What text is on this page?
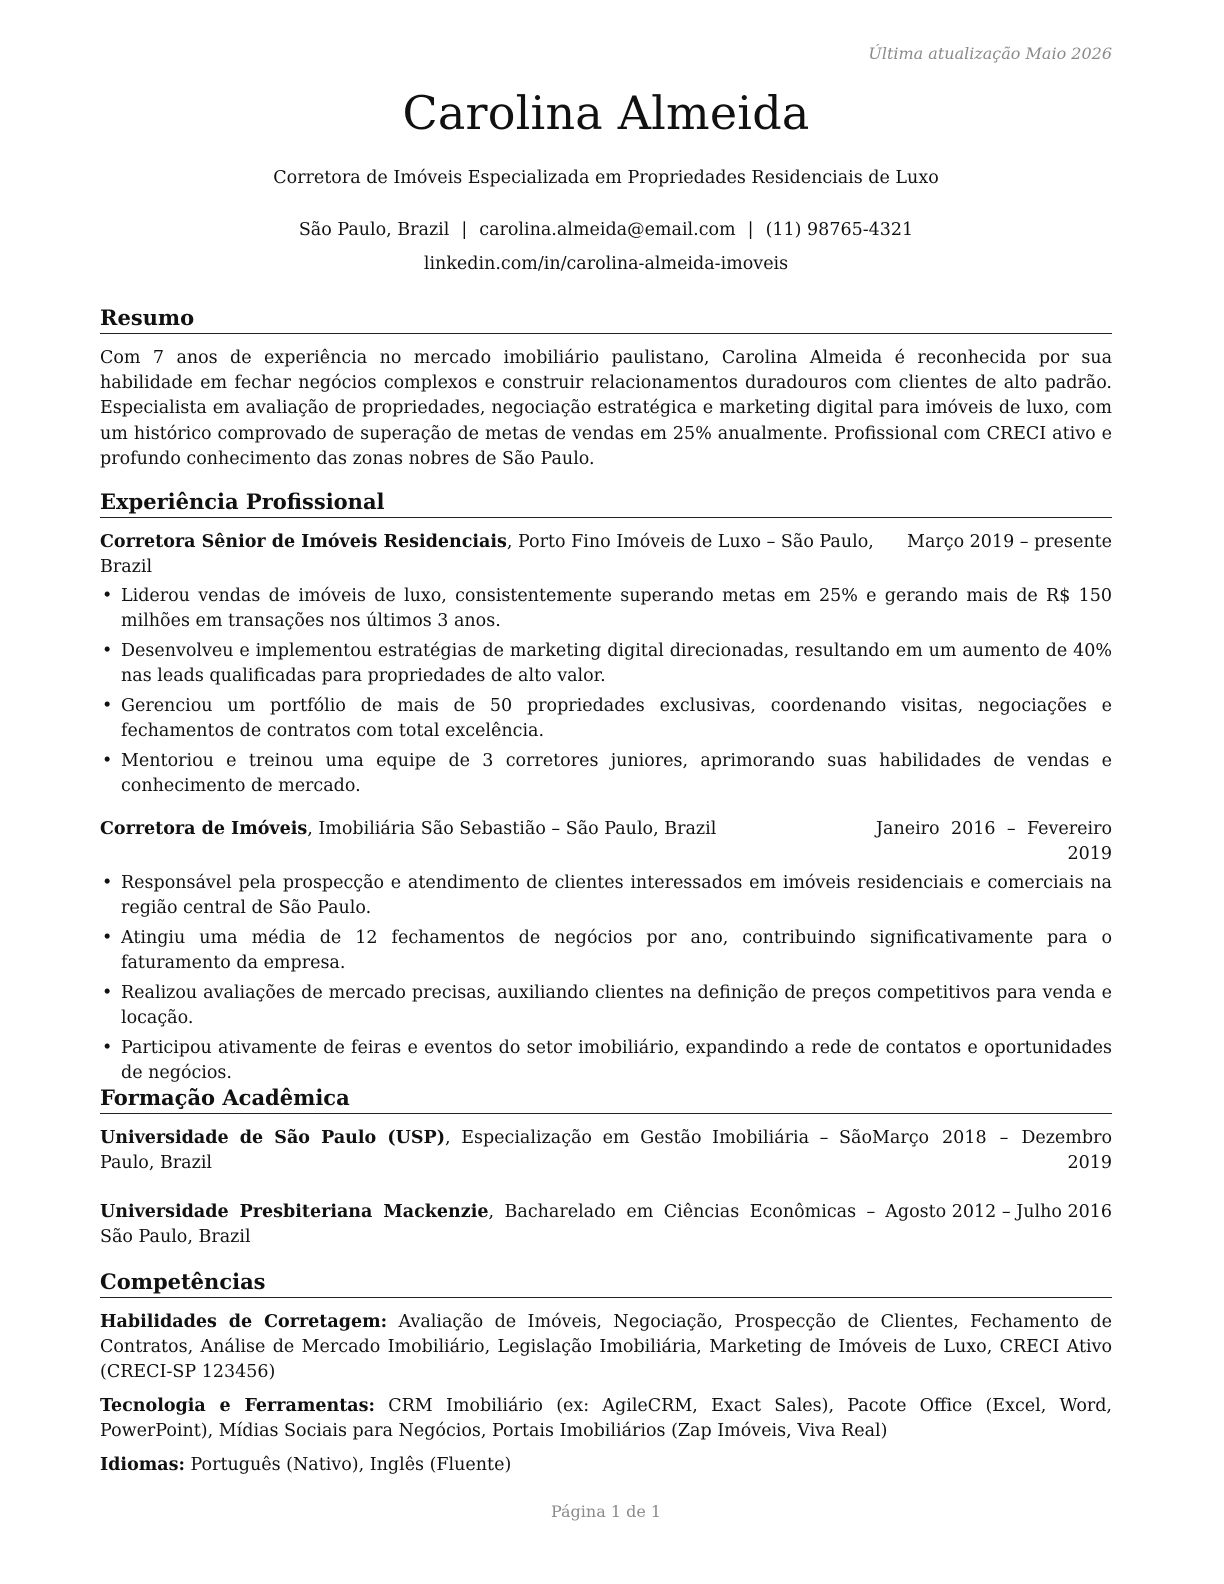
Última atualização Maio 2026
Carolina Almeida
Corretora de Imóveis Especializada em Propriedades Residenciais de Luxo
São Paulo, Brazil | carolina.almeida@email.com | (11) 98765-4321
linkedin.com/in/carolina-almeida-imoveis
Resumo

Com 7 anos de experiência no mercado imobiliário paulistano, Carolina Almeida é reconhecida por sua habilidade em fechar negócios complexos e construir relacionamentos duradouros com clientes de alto padrão. Especialista em avaliação de propriedades, negociação estratégica e marketing digital para imóveis de luxo, com um histórico comprovado de superação de metas de vendas em 25% anualmente. Profissional com CRECI ativo e profundo conhecimento das zonas nobres de São Paulo.

Experiência Profissional
Corretora Sênior de Imóveis Residenciais, Porto Fino Imóveis de Luxo – São Paulo, Brazil
Março 2019 – presente
• Liderou vendas de imóveis de luxo, consistentemente superando metas em 25% e gerando mais de R$ 150 milhões em transações nos últimos 3 anos.
• Desenvolveu e implementou estratégias de marketing digital direcionadas, resultando em um aumento de 40% nas leads qualificadas para propriedades de alto valor.
• Gerenciou um portfólio de mais de 50 propriedades exclusivas, coordenando visitas, negociações e fechamentos de contratos com total excelência.
• Mentoriou e treinou uma equipe de 3 corretores juniores, aprimorando suas habilidades de vendas e conhecimento de mercado.
Corretora de Imóveis, Imobiliária São Sebastião – São Paulo, Brazil	Janeiro 2016 – Fevereiro 2019
• Responsável pela prospecção e atendimento de clientes interessados em imóveis residenciais e comerciais na região central de São Paulo.
• Atingiu uma média de 12 fechamentos de negócios por ano, contribuindo significativamente para o faturamento da empresa.
• Realizou avaliações de mercado precisas, auxiliando clientes na definição de preços competitivos para venda e locação.
• Participou ativamente de feiras e eventos do setor imobiliário, expandindo a rede de contatos e oportunidades de negócios.
Formação Acadêmica
Universidade de São Paulo (USP), Especialização em Gestão Imobiliária – São Paulo, Brazil
Março 2018 – Dezembro 2019
Universidade Presbiteriana Mackenzie, Bacharelado em Ciências Econômicas – São Paulo, Brazil
Agosto 2012 – Julho 2016
Competências
Habilidades de Corretagem: Avaliação de Imóveis, Negociação, Prospecção de Clientes, Fechamento de Contratos, Análise de Mercado Imobiliário, Legislação Imobiliária, Marketing de Imóveis de Luxo, CRECI Ativo (CRECI-SP 123456)
Tecnologia e Ferramentas: CRM Imobiliário (ex: AgileCRM, Exact Sales), Pacote Office (Excel, Word, PowerPoint), Mídias Sociais para Negócios, Portais Imobiliários (Zap Imóveis, Viva Real)
Idiomas: Português (Nativo), Inglês (Fluente)
Página 1 de 1
